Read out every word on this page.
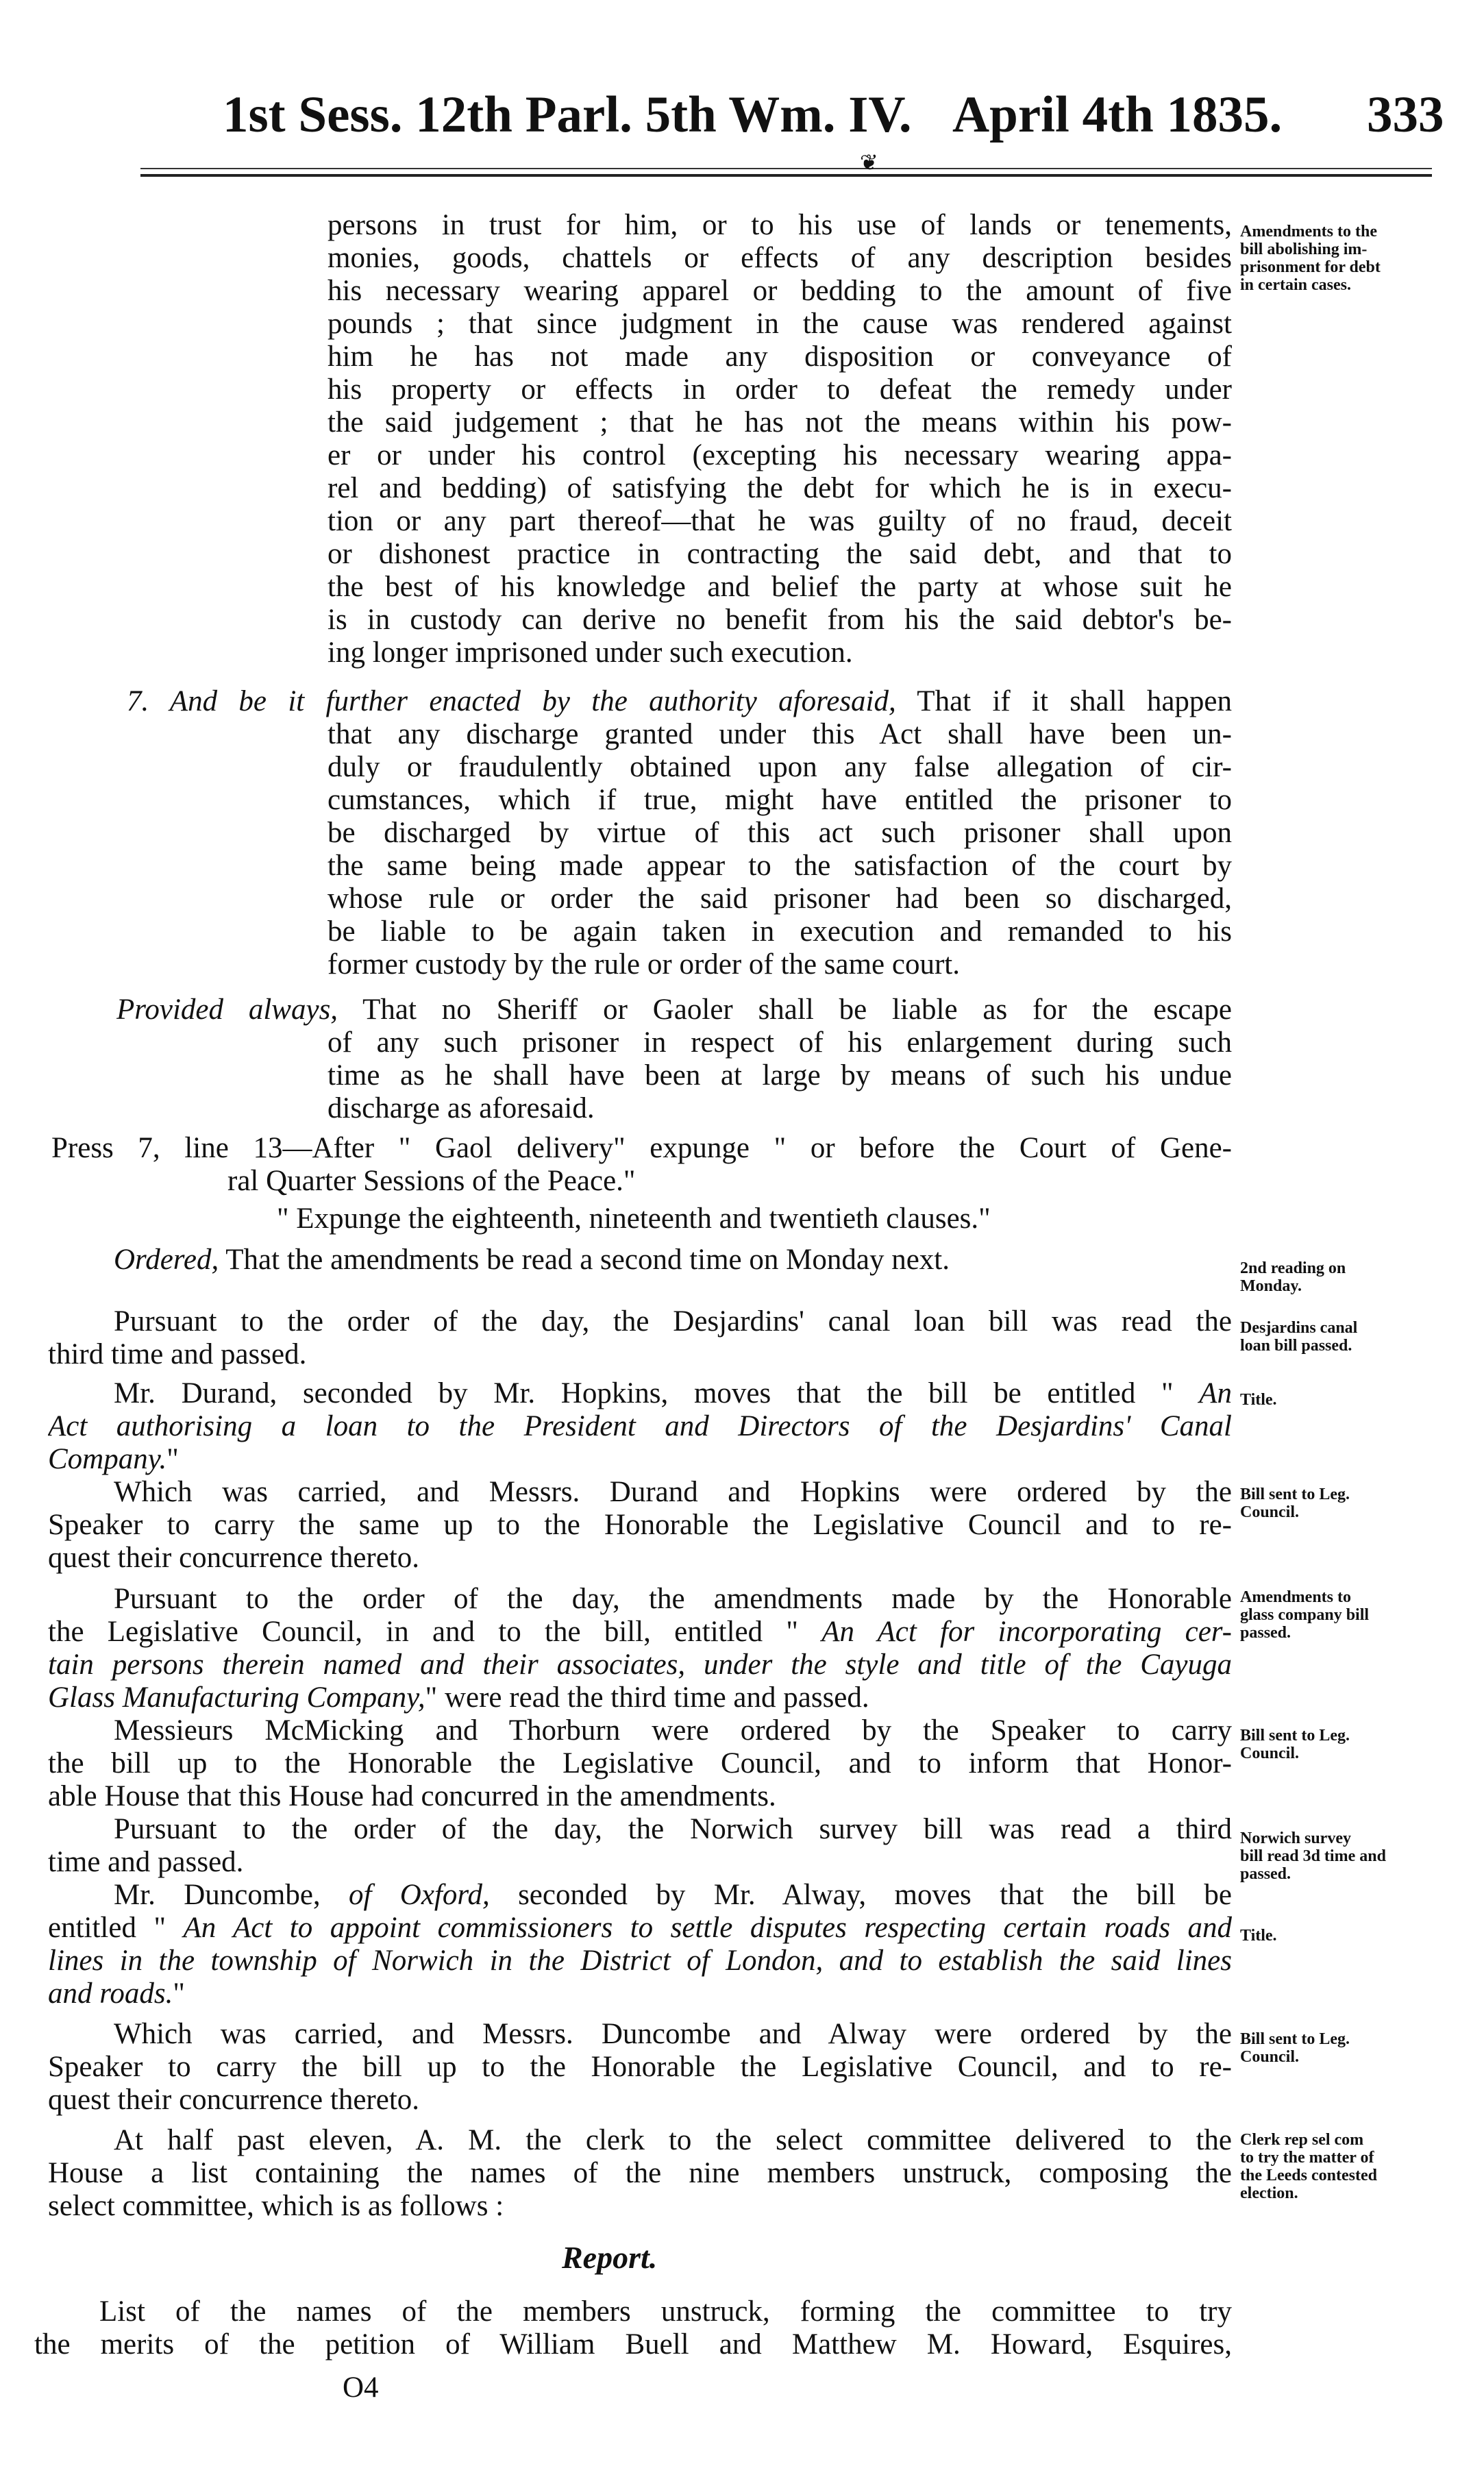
1st Sess. 12th Parl. 5th Wm. IV. April 4th 1835. 333
❦
persons in trust for him, or to his use of lands or tenements,
monies, goods, chattels or effects of any description besides
his necessary wearing apparel or bedding to the amount of five
pounds ; that since judgment in the cause was rendered against
him he has not made any disposition or conveyance of
his property or effects in order to defeat the remedy under
the said judgement ; that he has not the means within his pow-
er or under his control (excepting his necessary wearing appa-
rel and bedding) of satisfying the debt for which he is in execu-
tion or any part thereof—that he was guilty of no fraud, deceit
or dishonest practice in contracting the said debt, and that to
the best of his knowledge and belief the party at whose suit he
is in custody can derive no benefit from his the said debtor's be-
ing longer imprisoned under such execution.
7. And be it further enacted by the authority aforesaid, That if it shall happen
that any discharge granted under this Act shall have been un-
duly or fraudulently obtained upon any false allegation of cir-
cumstances, which if true, might have entitled the prisoner to
be discharged by virtue of this act such prisoner shall upon
the same being made appear to the satisfaction of the court by
whose rule or order the said prisoner had been so discharged,
be liable to be again taken in execution and remanded to his
former custody by the rule or order of the same court.
Provided always, That no Sheriff or Gaoler shall be liable as for the escape
of any such prisoner in respect of his enlargement during such
time as he shall have been at large by means of such his undue
discharge as aforesaid.
Press 7, line 13—After " Gaol delivery" expunge " or before the Court of Gene-
ral Quarter Sessions of the Peace."
" Expunge the eighteenth, nineteenth and twentieth clauses."
Ordered, That the amendments be read a second time on Monday next.
Pursuant to the order of the day, the Desjardins' canal loan bill was read the
third time and passed.
Mr. Durand, seconded by Mr. Hopkins, moves that the bill be entitled " An
Act authorising a loan to the President and Directors of the Desjardins' Canal
Company."
Which was carried, and Messrs. Durand and Hopkins were ordered by the
Speaker to carry the same up to the Honorable the Legislative Council and to re-
quest their concurrence thereto.
Pursuant to the order of the day, the amendments made by the Honorable
the Legislative Council, in and to the bill, entitled " An Act for incorporating cer-
tain persons therein named and their associates, under the style and title of the Cayuga
Glass Manufacturing Company," were read the third time and passed.
Messieurs McMicking and Thorburn were ordered by the Speaker to carry
the bill up to the Honorable the Legislative Council, and to inform that Honor-
able House that this House had concurred in the amendments.
Pursuant to the order of the day, the Norwich survey bill was read a third
time and passed.
Mr. Duncombe, of Oxford, seconded by Mr. Alway, moves that the bill be
entitled " An Act to appoint commissioners to settle disputes respecting certain roads and
lines in the township of Norwich in the District of London, and to establish the said lines
and roads."
Which was carried, and Messrs. Duncombe and Alway were ordered by the
Speaker to carry the bill up to the Honorable the Legislative Council, and to re-
quest their concurrence thereto.
At half past eleven, A. M. the clerk to the select committee delivered to the
House a list containing the names of the nine members unstruck, composing the
select committee, which is as follows :
Report.
List of the names of the members unstruck, forming the committee to try
the merits of the petition of William Buell and Matthew M. Howard, Esquires,
O4
Amendments to the
bill abolishing im-
prisonment for debt
in certain cases.
2nd reading on
Monday.
Desjardins canal
loan bill passed.
Title.
Bill sent to Leg.
Council.
Amendments to
glass company bill
passed.
Bill sent to Leg.
Council.
Norwich survey
bill read 3d time and
passed.
Title.
Bill sent to Leg.
Council.
Clerk rep sel com
to try the matter of
the Leeds contested
election.
